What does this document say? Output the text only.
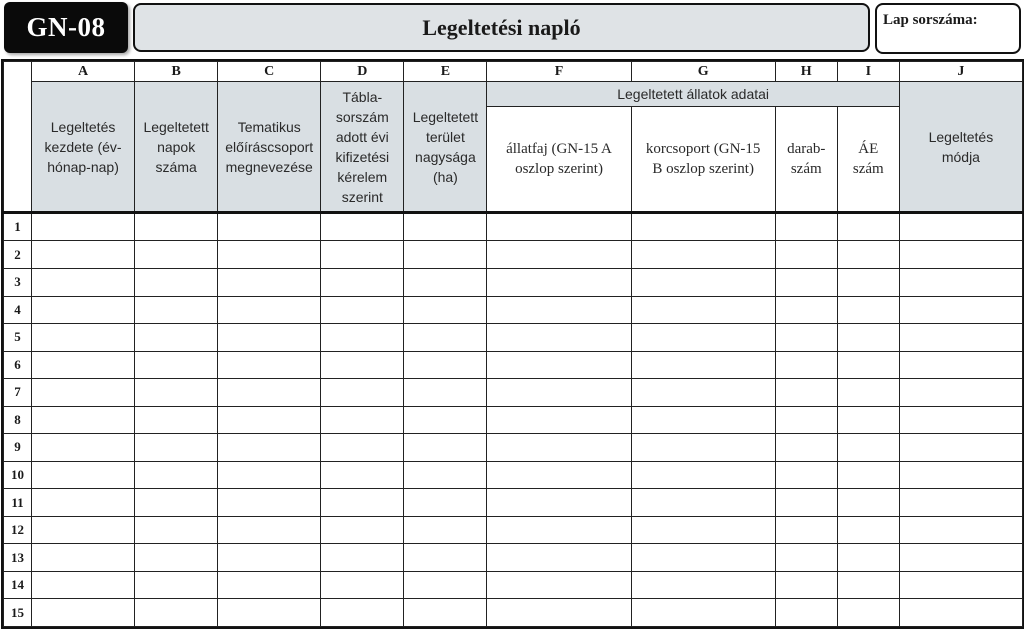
GN-08	Legeltetési napló	Lap sorszáma:
	A	B	C	D	E	F	G	H	I	J
	Legeltetés kezdete (év-hónap-nap)	Legeltetett napok száma	Tematikus előíráscsoport megnevezése	Tábla-sorszám adott évi kifizetési kérelem szerint	Legeltetett terület nagysága (ha)	Legeltetett állatok adatai				Legeltetés módja
						állatfaj (GN-15 A oszlop szerint)	korcsoport (GN-15 B oszlop szerint)	darab-szám	ÁE szám	
1										
2										
3										
4										
5										
6										
7										
8										
9										
10										
11										
12										
13										
14										
15										
